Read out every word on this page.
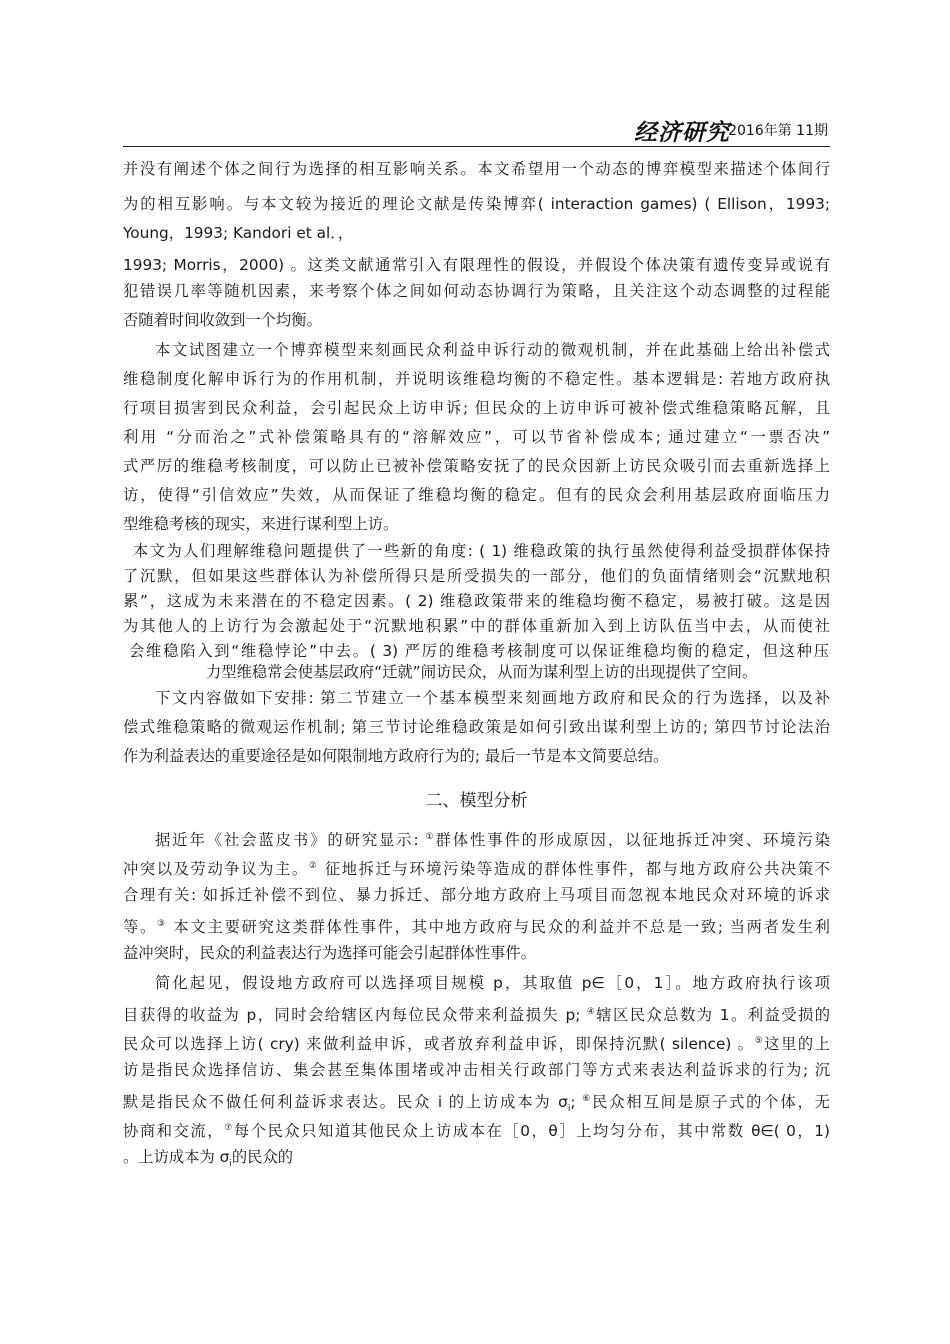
经济研究
2016年第 11期
并没有阐述个体之间行为选择的相互影响关系。本文希望用一个动态的博弈模型来描述个体间行
为的相互影响。与本文较为接近的理论文献是传染博弈( interaction games) ( Ellison，1993;
Young，1993; Kandori et al．，
1993; Morris，2000) 。这类文献通常引入有限理性的假设，并假设个体决策有遗传变异或说有
犯错误几率等随机因素，来考察个体之间如何动态协调行为策略，且关注这个动态调整的过程能
否随着时间收敛到一个均衡。
本文试图建立一个博弈模型来刻画民众利益申诉行动的微观机制，并在此基础上给出补偿式
维稳制度化解申诉行为的作用机制，并说明该维稳均衡的不稳定性。基本逻辑是: 若地方政府执
行项目损害到民众利益，会引起民众上访申诉; 但民众的上访申诉可被补偿式维稳策略瓦解，且
利用 “分而治之”式补偿策略具有的“溶解效应”，可以节省补偿成本; 通过建立“一票否决”
式严厉的维稳考核制度，可以防止已被补偿策略安抚了的民众因新上访民众吸引而去重新选择上
访，使得“引信效应”失效，从而保证了维稳均衡的稳定。但有的民众会利用基层政府面临压力
型维稳考核的现实，来进行谋利型上访。
本文为人们理解维稳问题提供了一些新的角度: ( 1) 维稳政策的执行虽然使得利益受损群体保持
了沉默，但如果这些群体认为补偿所得只是所受损失的一部分，他们的负面情绪则会“沉默地积
累”，这成为未来潜在的不稳定因素。( 2) 维稳政策带来的维稳均衡不稳定，易被打破。这是因
为其他人的上访行为会激起处于“沉默地积累”中的群体重新加入到上访队伍当中去，从而使社
会维稳陷入到“维稳悖论”中去。( 3) 严厉的维稳考核制度可以保证维稳均衡的稳定，但这种压
力型维稳常会使基层政府“迁就”闹访民众，从而为谋利型上访的出现提供了空间。
下文内容做如下安排: 第二节建立一个基本模型来刻画地方政府和民众的行为选择，以及补
偿式维稳策略的微观运作机制; 第三节讨论维稳政策是如何引致出谋利型上访的; 第四节讨论法治
作为利益表达的重要途径是如何限制地方政府行为的; 最后一节是本文简要总结。
二、模型分析
据近年《社会蓝皮书》的研究显示: ①群体性事件的形成原因，以征地拆迁冲突、环境污染
冲突以及劳动争议为主。② 征地拆迁与环境污染等造成的群体性事件，都与地方政府公共决策不
合理有关: 如拆迁补偿不到位、暴力拆迁、部分地方政府上马项目而忽视本地民众对环境的诉求
等。③ 本文主要研究这类群体性事件，其中地方政府与民众的利益并不总是一致; 当两者发生利
益冲突时，民众的利益表达行为选择可能会引起群体性事件。
简化起见，假设地方政府可以选择项目规模 p，其取值 p∈［0，1］。地方政府执行该项
目获得的收益为 p，同时会给辖区内每位民众带来利益损失 p; ④辖区民众总数为 1。利益受损的
民众可以选择上访( cry) 来做利益申诉，或者放弃利益申诉，即保持沉默( silence) 。⑤这里的上
访是指民众选择信访、集会甚至集体围堵或冲击相关行政部门等方式来表达利益诉求的行为; 沉
默是指民众不做任何利益诉求表达。民众 i 的上访成本为 $\sigma_i$; ⑥民众相互间是原子式的个体，无
协商和交流，⑦每个民众只知道其他民众上访成本在［0，θ］上均匀分布，其中常数 θ∈( 0，1)
。上访成本为 $\sigma_i$的民众的
